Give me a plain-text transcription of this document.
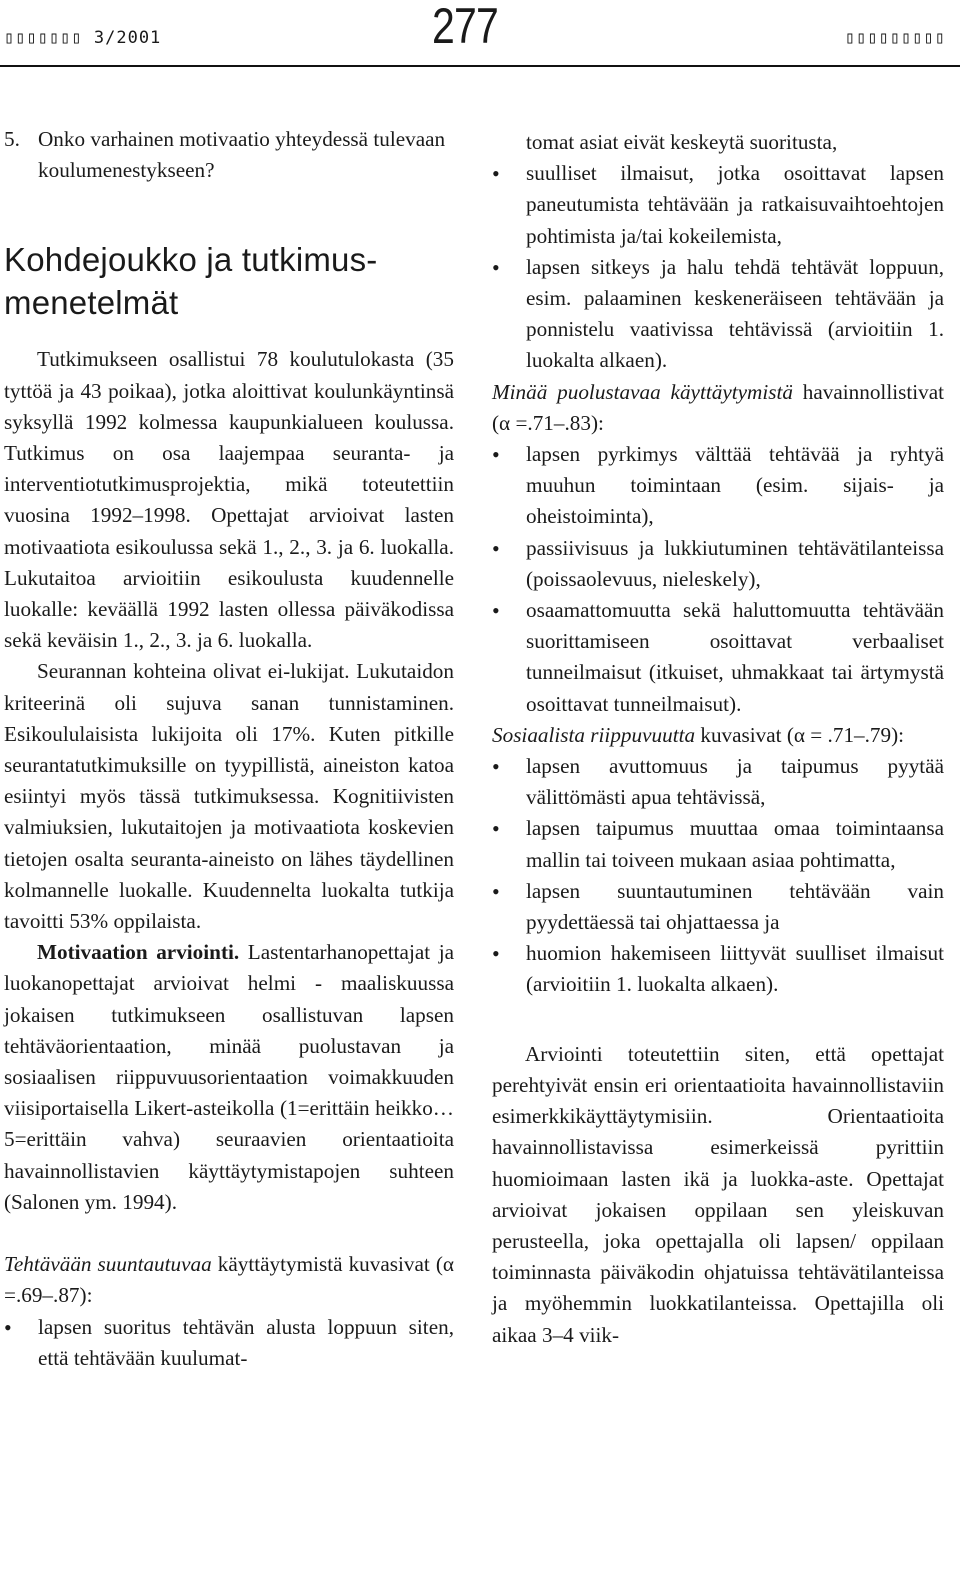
▯▯▯▯▯▯▯ 3/2001	277	▯▯▯▯▯▯▯▯▯
5. Onko varhainen motivaatio yhteydessä tulevaan koulumenestykseen?
Kohdejoukko ja tutkimus-menetelmät

Tutkimukseen osallistui 78 koulutulokasta (35 tyttöä ja 43 poikaa), jotka aloittivat koulunkäyntinsä syksyllä 1992 kolmessa kaupunkialueen koulussa. Tutkimus on osa laajempaa seuranta- ja interventiotutkimusprojektia, mikä toteutettiin vuosina 1992–1998. Opettajat arvioivat lasten motivaatiota esikoulussa sekä 1., 2., 3. ja 6. luokalla. Lukutaitoa arvioitiin esikoulusta kuudennelle luokalle: keväällä 1992 lasten ollessa päiväkodissa sekä keväisin 1., 2., 3. ja 6. luokalla.

Seurannan kohteina olivat ei-lukijat. Lukutaidon kriteerinä oli sujuva sanan tunnistaminen. Esikoululaisista lukijoita oli 17%. Kuten pitkille seurantatutkimuksille on tyypillistä, aineiston katoa esiintyi myös tässä tutkimuksessa. Kognitiivisten valmiuksien, lukutaitojen ja motivaatiota koskevien tietojen osalta seuranta-aineisto on lähes täydellinen kolmannelle luokalle. Kuudennelta luokalta tutkija tavoitti 53% oppilaista.

Motivaation arviointi. Lastentarhanopettajat ja luokanopettajat arvioivat helmi - maaliskuussa jokaisen tutkimukseen osallistuvan lapsen tehtäväorientaation, minää puolustavan ja sosiaalisen riippuvuusorientaation voimakkuuden viisiportaisella Likert-asteikolla (1=erittäin heikko…5=erittäin vahva) seuraavien orientaatioita havainnollistavien käyttäytymistapojen suhteen (Salonen ym. 1994).

Tehtävään suuntautuvaa käyttäytymistä kuvasivat (α =.69–.87):

• lapsen suoritus tehtävän alusta loppuun siten, että tehtävään kuulumat-

tomat asiat eivät keskeytä suoritusta,

• suulliset ilmaisut, jotka osoittavat lapsen paneutumista tehtävään ja ratkaisuvaihtoehtojen pohtimista ja/tai kokeilemista,
• lapsen sitkeys ja halu tehdä tehtävät loppuun, esim. palaaminen keskeneräiseen tehtävään ja ponnistelu vaativissa tehtävissä (arvioitiin 1. luokalta alkaen).

Minää puolustavaa käyttäytymistä havainnollistivat (α =.71–.83):

• lapsen pyrkimys välttää tehtävää ja ryhtyä muuhun toimintaan (esim. sijais- ja oheistoiminta),
• passiivisuus ja lukkiutuminen tehtävätilanteissa (poissaolevuus, nieleskely),
• osaamattomuutta sekä haluttomuutta tehtävään suorittamiseen osoittavat verbaaliset tunneilmaisut (itkuiset, uhmakkaat tai ärtymystä osoittavat tunneilmaisut).

Sosiaalista riippuvuutta kuvasivat (α = .71–.79):

• lapsen avuttomuus ja taipumus pyytää välittömästi apua tehtävissä,
• lapsen taipumus muuttaa omaa toimintaansa mallin tai toiveen mukaan asiaa pohtimatta,
• lapsen suuntautuminen tehtävään vain pyydettäessä tai ohjattaessa ja
• huomion hakemiseen liittyvät suulliset ilmaisut (arvioitiin 1. luokalta alkaen).

Arviointi toteutettiin siten, että opettajat perehtyivät ensin eri orientaatioita havainnollistaviin esimerkkikäyttäytymisiin. Orientaatioita havainnollistavissa esimerkeissä pyrittiin huomioimaan lasten ikä ja luokka-aste. Opettajat arvioivat jokaisen oppilaan sen yleiskuvan perusteella, joka opettajalla oli lapsen/ oppilaan toiminnasta päiväkodin ohjatuissa tehtävätilanteissa ja myöhemmin luokkatilanteissa. Opettajilla oli aikaa 3–4 viik-
